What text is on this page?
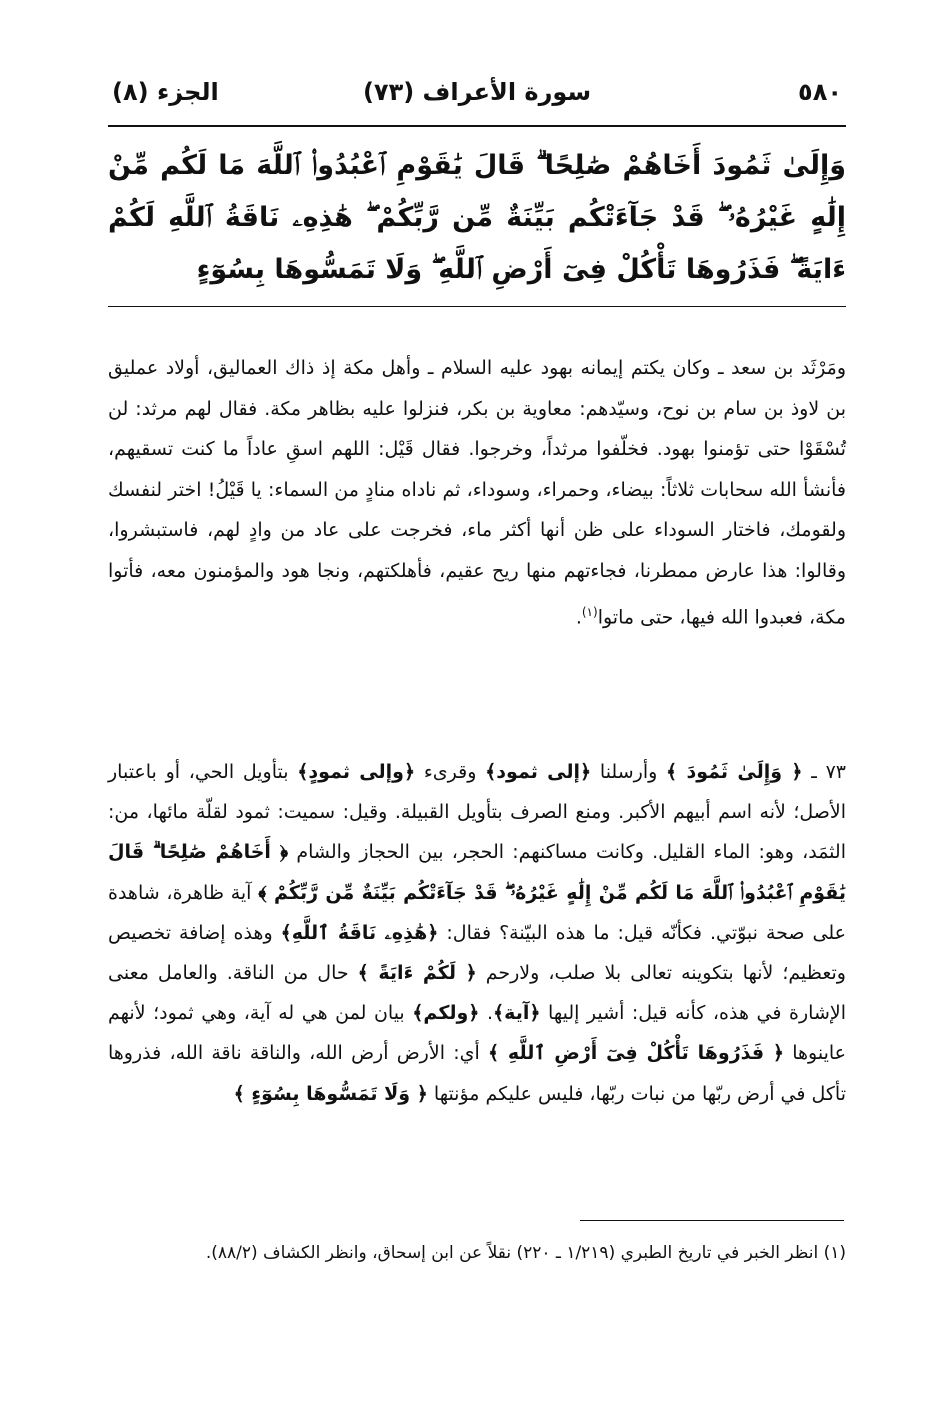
٥٨٠
سورة الأعراف (٧٣)
الجزء (٨)
وَإِلَىٰ ثَمُودَ أَخَاهُمْ صَٰلِحًا ۗ قَالَ يَٰقَوْمِ ٱعْبُدُوا۟ ٱللَّهَ مَا لَكُم مِّنْ إِلَٰهٍ غَيْرُهُۥ ۖ قَدْ جَآءَتْكُم بَيِّنَةٌ مِّن رَّبِّكُمْ ۖ هَٰذِهِۦ نَاقَةُ ٱللَّهِ لَكُمْ ءَايَةً ۖ فَذَرُوهَا تَأْكُلْ فِىٓ أَرْضِ ٱللَّهِ ۖ وَلَا تَمَسُّوهَا بِسُوٓءٍ
ومَرْثَد بن سعد ـ وكان يكتم إيمانه بهود عليه السلام ـ وأهل مكة إذ ذاك العماليق، أولاد عمليق بن لاوذ بن سام بن نوح، وسيّدهم: معاوية بن بكر، فنزلوا عليه بظاهر مكة. فقال لهم مرثد: لن تُسْقَوْا حتى تؤمنوا بهود. فخلّفوا مرثداً، وخرجوا. فقال قَيْل: اللهم اسقِ عاداً ما كنت تسقيهم، فأنشأ الله سحابات ثلاثاً: بيضاء، وحمراء، وسوداء، ثم ناداه منادٍ من السماء: يا قَيْلُ! اختر لنفسك ولقومك، فاختار السوداء على ظن أنها أكثر ماء، فخرجت على عاد من وادٍ لهم، فاستبشروا، وقالوا: هذا عارض ممطرنا، فجاءتهم منها ريح عقيم، فأهلكتهم، ونجا هود والمؤمنون معه، فأتوا مكة، فعبدوا الله فيها، حتى ماتوا$^{(١)}$.
٧٣ ـ ﴿ وَإِلَىٰ ثَمُودَ ﴾ وأرسلنا ﴿إلى ثمود﴾ وقرىء ﴿وإلى ثمودٍ﴾ بتأويل الحي، أو باعتبار الأصل؛ لأنه اسم أبيهم الأكبر. ومنع الصرف بتأويل القبيلة. وقيل: سميت: ثمود لقلّة مائها، من: الثمَد، وهو: الماء القليل. وكانت مساكنهم: الحجر، بين الحجاز والشام ﴿ أَخَاهُمْ صَٰلِحًا ۗ قَالَ يَٰقَوْمِ ٱعْبُدُوا۟ ٱللَّهَ مَا لَكُم مِّنْ إِلَٰهٍ غَيْرُهُۥ ۖ قَدْ جَآءَتْكُم بَيِّنَةٌ مِّن رَّبِّكُمْ ﴾ آية ظاهرة، شاهدة على صحة نبوّتي. فكأنّه قيل: ما هذه البيّنة؟ فقال: ﴿هَٰذِهِۦ نَاقَةُ ٱللَّهِ﴾ وهذه إضافة تخصيص وتعظيم؛ لأنها بتكوينه تعالى بلا صلب، ولارحم ﴿ لَكُمْ ءَايَةً ﴾ حال من الناقة. والعامل معنى الإشارة في هذه، كأنه قيل: أشير إليها ﴿آية﴾. ﴿ولكم﴾ بيان لمن هي له آية، وهي ثمود؛ لأنهم عاينوها ﴿ فَذَرُوهَا تَأْكُلْ فِىٓ أَرْضِ ٱللَّهِ ﴾ أي: الأرض أرض الله، والناقة ناقة الله، فذروها تأكل في أرض ربّها من نبات ربّها، فليس عليكم مؤنتها ﴿ وَلَا تَمَسُّوهَا بِسُوٓءٍ ﴾
(١) انظر الخبر في تاريخ الطبري (١/٢١٩ ـ ٢٢٠) نقلاً عن ابن إسحاق، وانظر الكشاف (٨٨/٢).
